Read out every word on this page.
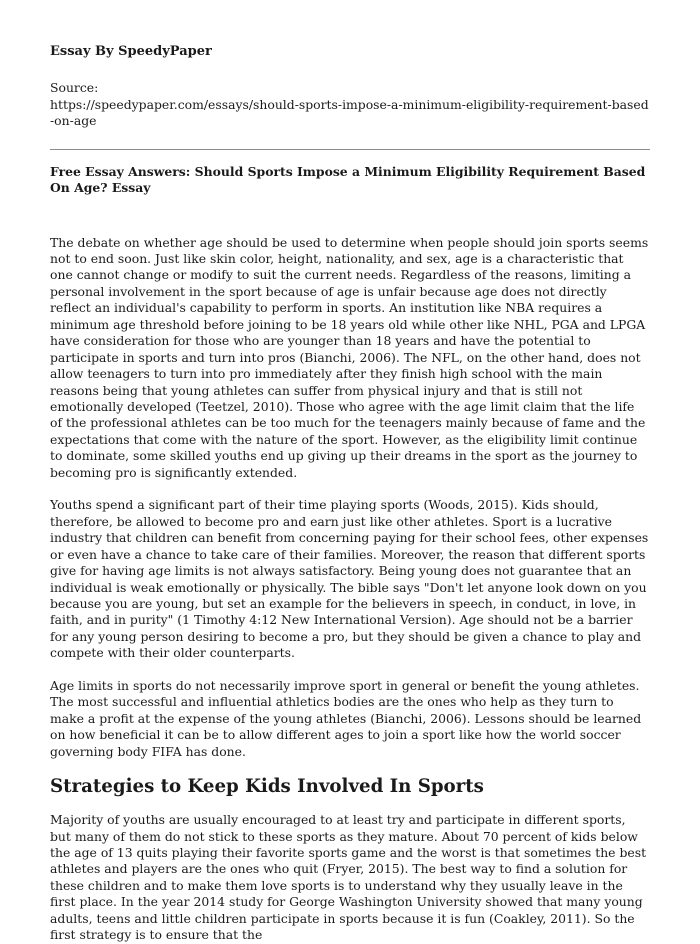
Essay By SpeedyPaper
Source:
https://speedypaper.com/essays/should-sports-impose-a-minimum-eligibility-requirement-based-on-age
Free Essay Answers: Should Sports Impose a Minimum Eligibility Requirement Based On Age? Essay

The debate on whether age should be used to determine when people should join sports seems not to end soon. Just like skin color, height, nationality, and sex, age is a characteristic that one cannot change or modify to suit the current needs. Regardless of the reasons, limiting a personal involvement in the sport because of age is unfair because age does not directly reflect an individual's capability to perform in sports. An institution like NBA requires a minimum age threshold before joining to be 18 years old while other like NHL, PGA and LPGA have consideration for those who are younger than 18 years and have the potential to participate in sports and turn into pros (Bianchi, 2006). The NFL, on the other hand, does not allow teenagers to turn into pro immediately after they finish high school with the main reasons being that young athletes can suffer from physical injury and that is still not emotionally developed (Teetzel, 2010). Those who agree with the age limit claim that the life of the professional athletes can be too much for the teenagers mainly because of fame and the expectations that come with the nature of the sport. However, as the eligibility limit continue to dominate, some skilled youths end up giving up their dreams in the sport as the journey to becoming pro is significantly extended.

Youths spend a significant part of their time playing sports (Woods, 2015). Kids should, therefore, be allowed to become pro and earn just like other athletes. Sport is a lucrative industry that children can benefit from concerning paying for their school fees, other expenses or even have a chance to take care of their families. Moreover, the reason that different sports give for having age limits is not always satisfactory. Being young does not guarantee that an individual is weak emotionally or physically. The bible says "Don't let anyone look down on you because you are young, but set an example for the believers in speech, in conduct, in love, in faith, and in purity" (1 Timothy 4:12 New International Version). Age should not be a barrier for any young person desiring to become a pro, but they should be given a chance to play and compete with their older counterparts.

Age limits in sports do not necessarily improve sport in general or benefit the young athletes. The most successful and influential athletics bodies are the ones who help as they turn to make a profit at the expense of the young athletes (Bianchi, 2006). Lessons should be learned on how beneficial it can be to allow different ages to join a sport like how the world soccer governing body FIFA has done.

Strategies to Keep Kids Involved In Sports

Majority of youths are usually encouraged to at least try and participate in different sports, but many of them do not stick to these sports as they mature. About 70 percent of kids below the age of 13 quits playing their favorite sports game and the worst is that sometimes the best athletes and players are the ones who quit (Fryer, 2015). The best way to find a solution for these children and to make them love sports is to understand why they usually leave in the first place. In the year 2014 study for George Washington University showed that many young adults, teens and little children participate in sports because it is fun (Coakley, 2011). So the first strategy is to ensure that the
